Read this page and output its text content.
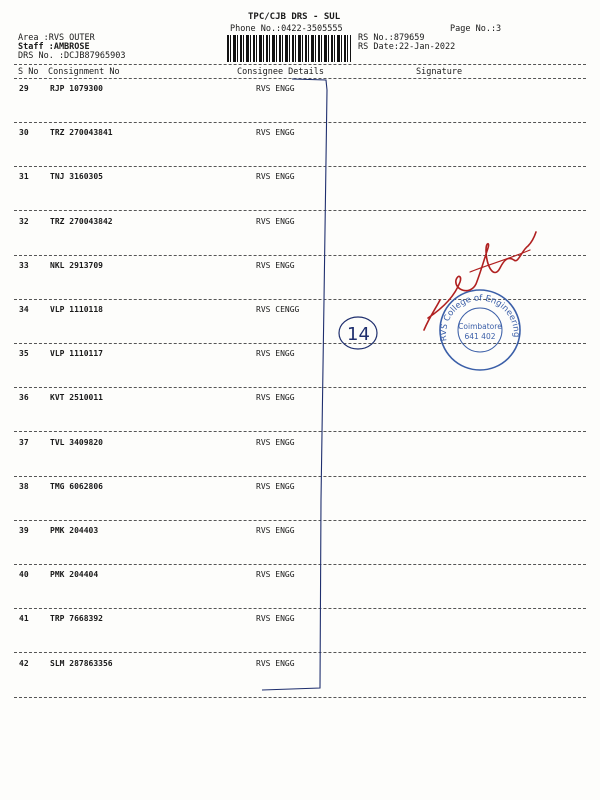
TPC/CJB DRS - SUL
Phone No.:0422-3505555	Page No.:3
Area :RVS OUTER
Staff :AMBROSE
DRS No. :DCJB87965903
RS No.:879659
RS Date:22-Jan-2022
S No Consignment No	Consignee Details	Signature
29	RJP 1079300	RVS ENGG
30	TRZ 270043841	RVS ENGG
31	TNJ 3160305	RVS ENGG
32	TRZ 270043842	RVS ENGG
33	NKL 2913709	RVS ENGG
34	VLP 1110118	RVS CENGG
35	VLP 1110117	RVS ENGG
36	KVT 2510011	RVS ENGG
37	TVL 3409820	RVS ENGG
38	TMG 6062806	RVS ENGG
39	PMK 204403	RVS ENGG
40	PMK 204404	RVS ENGG
41	TRP 7668392	RVS ENGG
42	SLM 287863356	RVS ENGG
14	RVS College of Engineering
Coimbatore
641 402
